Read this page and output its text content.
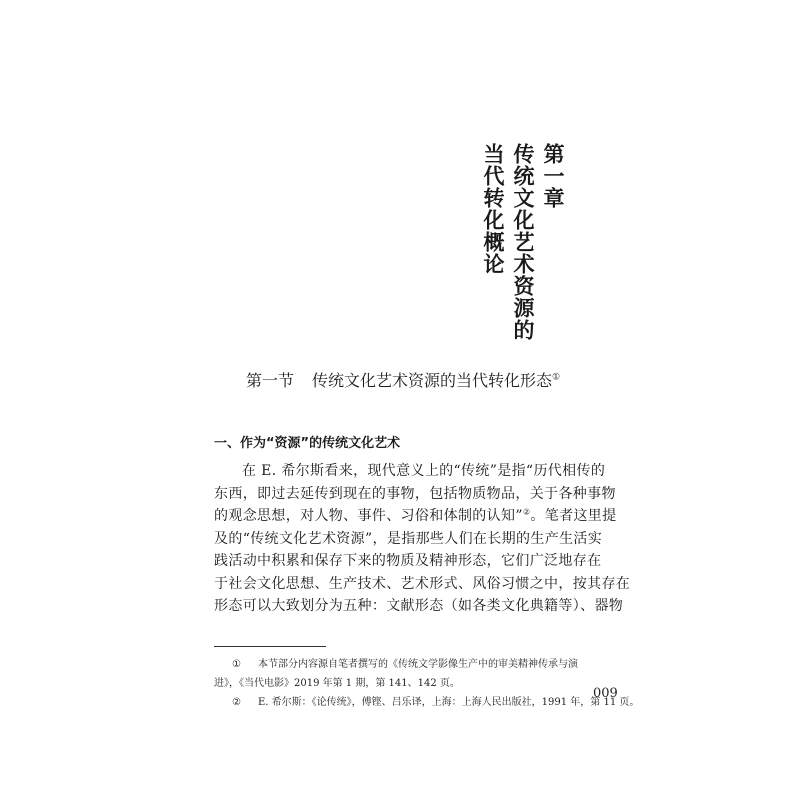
第一章
传统文化艺术资源的
当代转化概论
第一节 传统文化艺术资源的当代转化形态①
一、作为“资源”的传统文化艺术
在 E. 希尔斯看来，现代意义上的“传统”是指“历代相传的
东西，即过去延传到现在的事物，包括物质物品，关于各种事物
的观念思想，对人物、事件、习俗和体制的认知”②。笔者这里提
及的“传统文化艺术资源”，是指那些人们在长期的生产生活实
践活动中积累和保存下来的物质及精神形态，它们广泛地存在
于社会文化思想、生产技术、艺术形式、风俗习惯之中，按其存在
形态可以大致划分为五种：文献形态（如各类文化典籍等）、器物
① 本节部分内容源自笔者撰写的《传统文学影像生产中的审美精神传承与演
进》，《当代电影》2019 年第 1 期，第 141、142 页。
② E. 希尔斯：《论传统》，傅铿、吕乐译，上海：上海人民出版社，1991 年，第 11 页。
009
